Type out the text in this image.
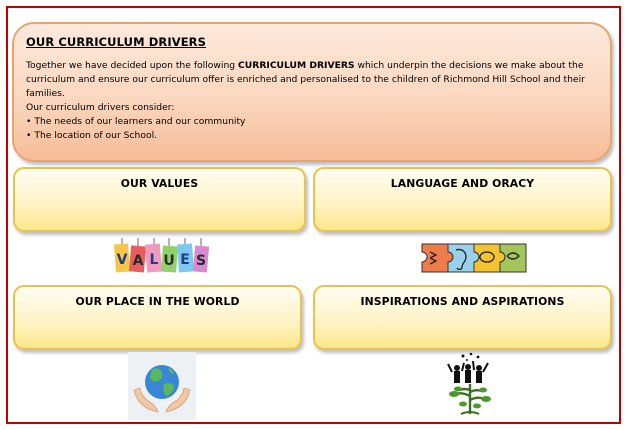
OUR CURRICULUM DRIVERS
Together we have decided upon the following CURRICULUM DRIVERS which underpin the decisions we make about the curriculum and ensure our curriculum offer is enriched and personalised to the children of Richmond Hill School and their families.
Our curriculum drivers consider:
• The needs of our learners and our community
• The location of our School.
OUR VALUES	LANGUAGE AND ORACY
OUR PLACE IN THE WORLD	INSPIRATIONS AND ASPIRATIONS
V A L U E S
